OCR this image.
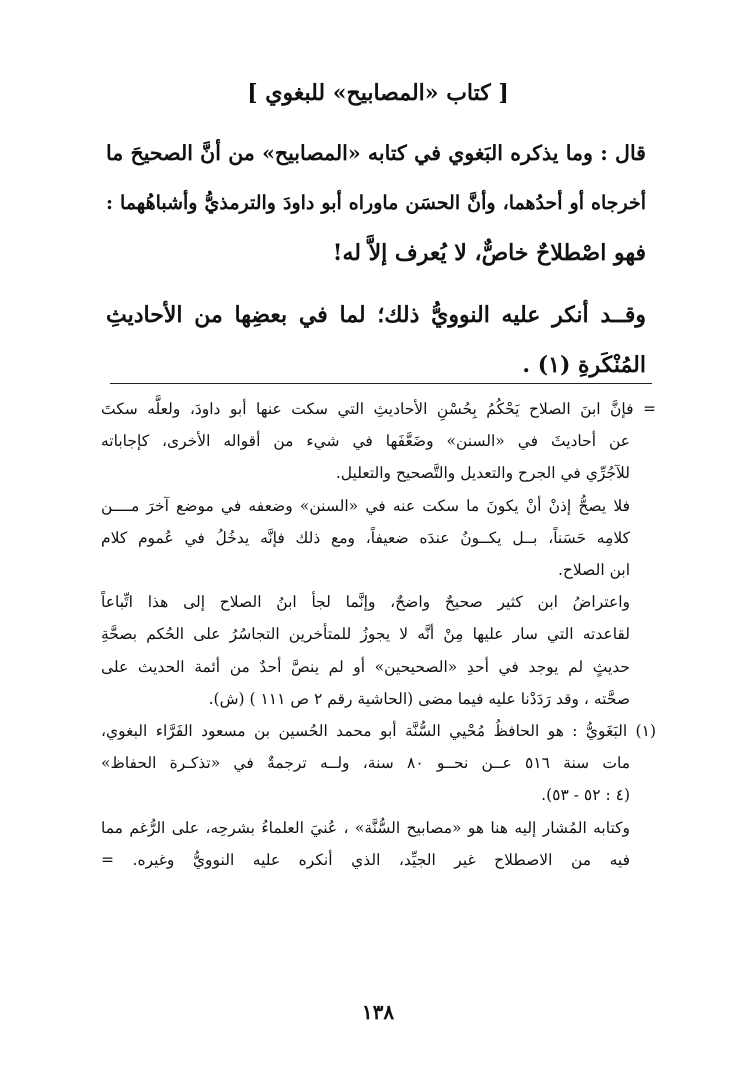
[ كتاب «المصابيح» للبغوي ]
قال : وما يذكره البَغوي في كتابه «المصابيح» من أنَّ الصحيحَ ما
أخرجاه أو أحدُهما، وأنَّ الحسَن ماوراه أبو داودَ والترمذيُّ وأشباهُهما :
فهو اصْطلاحٌ خاصٌّ، لا يُعرف إلاَّ له!
وقــد أنكر عليه النوويُّ ذلك؛ لما في بعضِها من الأحاديثِ
المُنْكَرةِ (١) .
= فإنَّ ابنَ الصلاح يَحْكُمُ بِحُسْنِ الأحاديثِ التي سكت عنها أبو داودَ، ولعلَّه سكتَ
عن أحاديثَ في «السنن» وضَعَّفَها في شيء من أقواله الأخرى، كإجاباته
للآجُرِّي في الجرح والتعديل والتَّصحيح والتعليل.
فلا يصحُّ إذنْ أنْ يكونَ ما سكت عنه في «السنن» وضعفه في موضع آخرَ مــــن
كلامِه حَسَناً، بــل يكــونُ عندَه ضعيفاً، ومع ذلك فإنَّه يدخُلُ في عُموم كلام
ابن الصلاح.
واعتراضُ ابن كثير صحيحٌ واضحٌ، وإنَّما لجأ ابنُ الصلاح إلى هذا اتِّباعاً
لقاعدته التي سار عليها مِنْ أنَّه لا يجوزُ للمتأخرين التجاسُرُ على الحُكم بصحَّةِ
حديثٍ لم يوجد في أحدِ «الصحيحين» أو لم ينصَّ أحدٌ من أئمة الحديث على
صحَّته ، وقد رَدَدْنا عليه فيما مضى (الحاشية رقم ٢ ص ١١١ ) (ش).
(١) البَغَويُّ : هو الحافظُ مُحْيي السُّنَّة أبو محمد الحُسين بن مسعود الفَرَّاء البغوي،
مات سنة ٥١٦ عــن نحــو ٨٠ سنة، ولــه ترجمةٌ في «تذكـرة الحفاظ»
(٤ : ٥٢ - ٥٣).
وكتابه المُشار إليه هنا هو «مصابيح السُّنَّة» ، عُنيَ العلماءُ بشرحِه، على الرُّغم مما
فيه من الاصطلاح غير الجيِّد، الذي أنكره عليه النوويُّ وغيره. =
١٣٨
